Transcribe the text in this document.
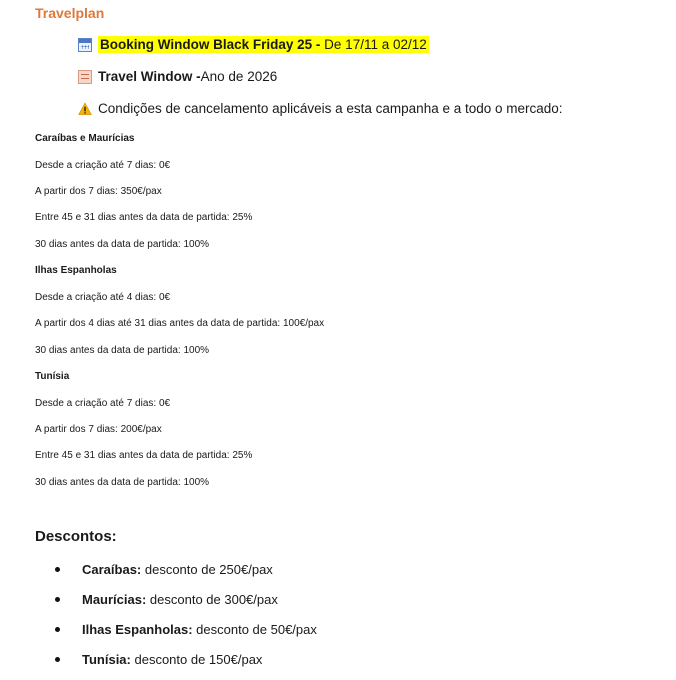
Travelplan
Booking Window Black Friday 25 - De 17/11 a 02/12
Travel Window - Ano de 2026
Condições de cancelamento aplicáveis a esta campanha e a todo o mercado:
Caraíbas e Maurícias
Desde a criação até 7 dias: 0€
A partir dos 7 dias: 350€/pax
Entre 45 e 31 dias antes da data de partida: 25%
30 dias antes da data de partida: 100%
Ilhas Espanholas
Desde a criação até 4 dias: 0€
A partir dos 4 dias até 31 dias antes da data de partida: 100€/pax
30 dias antes da data de partida: 100%
Tunísia
Desde a criação até 7 dias: 0€
A partir dos 7 dias: 200€/pax
Entre 45 e 31 dias antes da data de partida: 25%
30 dias antes da data de partida: 100%
Descontos:
Caraíbas: desconto de 250€/pax
Maurícias: desconto de 300€/pax
Ilhas Espanholas: desconto de 50€/pax
Tunísia: desconto de 150€/pax
